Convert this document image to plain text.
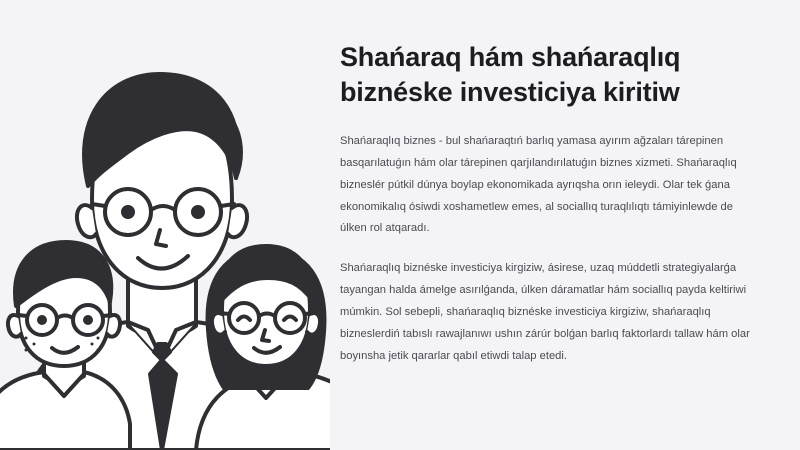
Shańaraq hám shańaraqlıq biznéske investiciya kiritiw

Shańaraqlıq biznes - bul shańaraqtıń barlıq yamasa ayırım ağzaları tárepinen basqarılatuǵın hám olar tárepinen qarjılandırılatuǵın biznes xizmeti. Shańaraqlıq bizneslér pútkil dúnya boylap ekonomikada ayrıqsha orın ieleydi. Olar tek ǵana ekonomikalıq ósiwdi xoshametlew emes, al sociallıq turaqlılıqtı támiyinlewde de úlken rol atqaradı.

Shańaraqlıq biznéske investiciya kirgiziw, ásirese, uzaq múddetli strategiyalarǵa tayangan halda ámelge asırılǵanda, úlken dáramatlar hám sociallıq payda keltiriwi múmkin. Sol sebepli, shańaraqlıq biznéske investiciya kirgiziw, shańaraqlıq bizneslerdiń tabıslı rawajlanıwı ushın zárúr bolǵan barlıq faktorlardı tallaw hám olar boyınsha jetik qararlar qabıl etiwdi talap etedi.
